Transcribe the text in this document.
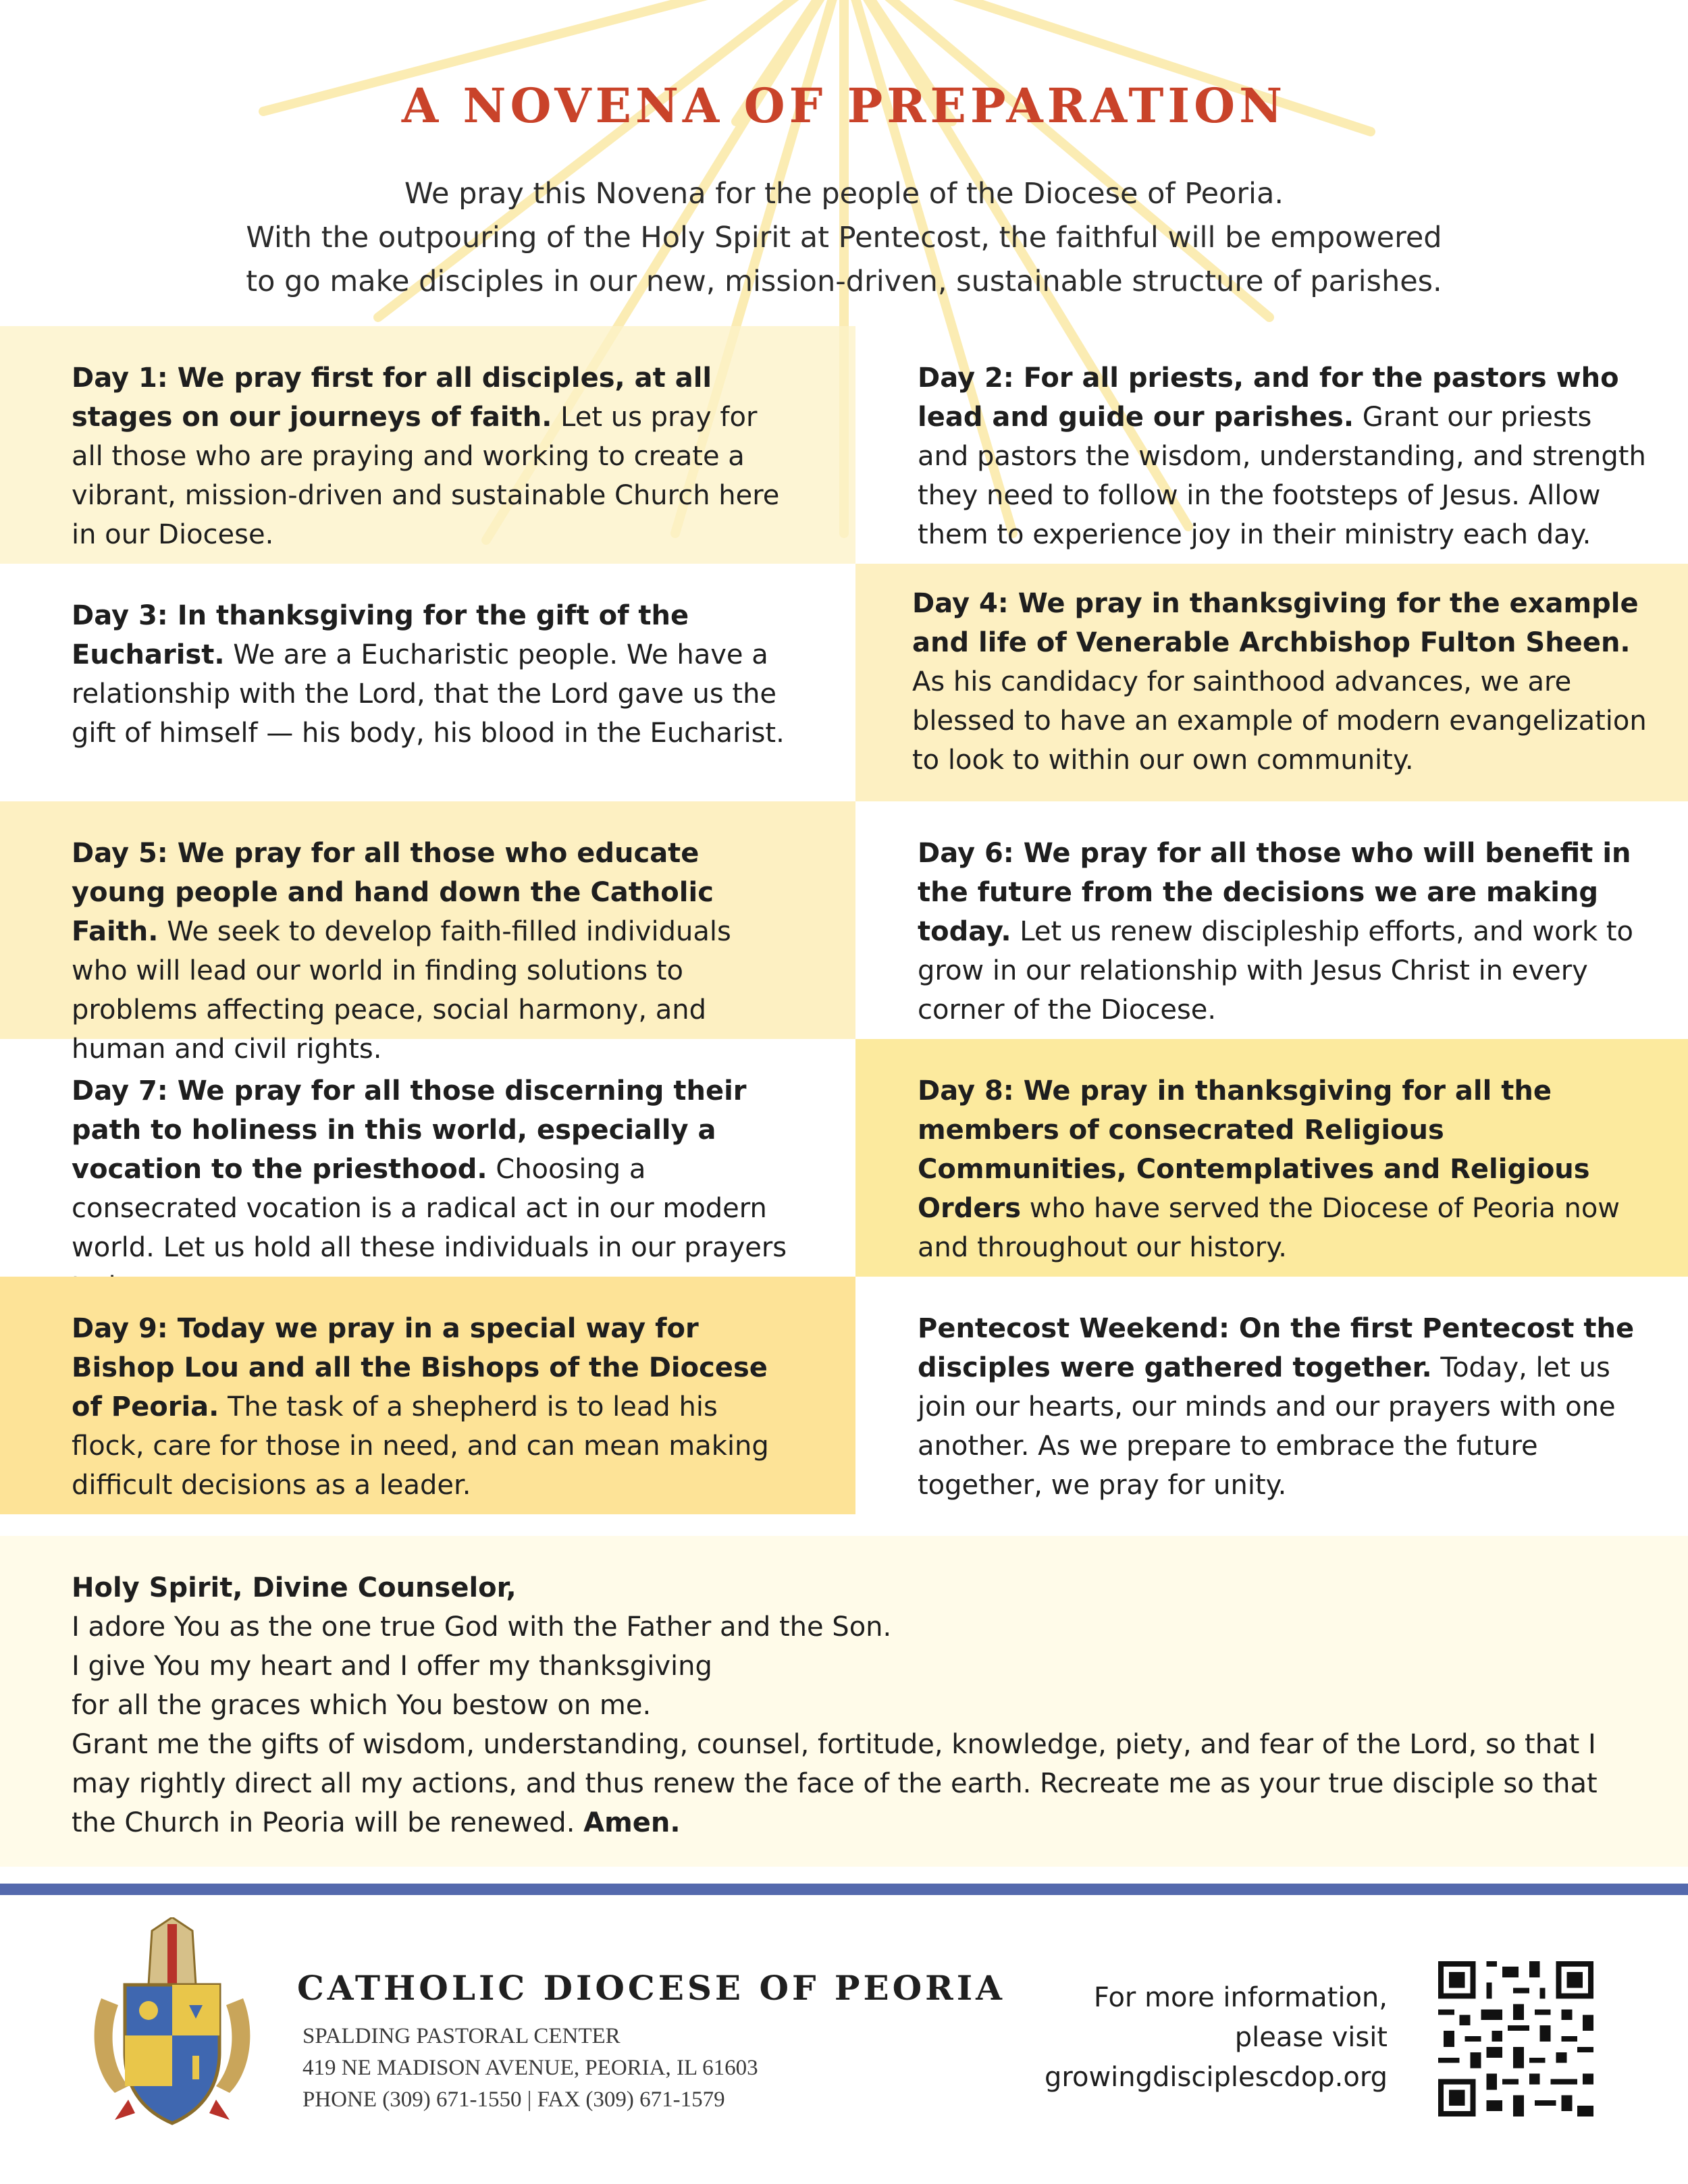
A NOVENA OF PREPARATION
We pray this Novena for the people of the Diocese of Peoria.
With the outpouring of the Holy Spirit at Pentecost, the faithful will be empowered
to go make disciples in our new, mission-driven, sustainable structure of parishes.
Day 1: We pray first for all disciples, at all stages on our journeys of faith. Let us pray for all those who are praying and working to create a vibrant, mission-driven and sustainable Church here in our Diocese.
Day 2: For all priests, and for the pastors who lead and guide our parishes. Grant our priests and pastors the wisdom, understanding, and strength they need to follow in the footsteps of Jesus. Allow them to experience joy in their ministry each day.
Day 3: In thanksgiving for the gift of the Eucharist. We are a Eucharistic people. We have a relationship with the Lord, that the Lord gave us the gift of himself — his body, his blood in the Eucharist.
Day 4: We pray in thanksgiving for the example and life of Venerable Archbishop Fulton Sheen. As his candidacy for sainthood advances, we are blessed to have an example of modern evangelization to look to within our own community.
Day 5: We pray for all those who educate young people and hand down the Catholic Faith. We seek to develop faith-filled individuals who will lead our world in finding solutions to problems affecting peace, social harmony, and human and civil rights.
Day 6: We pray for all those who will benefit in the future from the decisions we are making today. Let us renew discipleship efforts, and work to grow in our relationship with Jesus Christ in every corner of the Diocese.
Day 7: We pray for all those discerning their path to holiness in this world, especially a vocation to the priesthood. Choosing a consecrated vocation is a radical act in our modern world. Let us hold all these individuals in our prayers
Day 8: We pray in thanksgiving for all the members of consecrated Religious Communities, Contemplatives and Religious Orders who have served the Diocese of Peoria now and throughout our history.
Day 9: Today we pray in a special way for Bishop Lou and all the Bishops of the Diocese of Peoria. The task of a shepherd is to lead his flock, care for those in need, and can mean making difficult decisions as a leader.
Pentecost Weekend: On the first Pentecost the disciples were gathered together. Today, let us join our hearts, our minds and our prayers with one another. As we prepare to embrace the future together, we pray for unity.
Holy Spirit, Divine Counselor,
I adore You as the one true God with the Father and the Son.
I give You my heart and I offer my thanksgiving
for all the graces which You bestow on me.
Grant me the gifts of wisdom, understanding, counsel, fortitude, knowledge, piety, and fear of the Lord, so that I may rightly direct all my actions, and thus renew the face of the earth. Recreate me as your true disciple so that the Church in Peoria will be renewed. Amen.
CATHOLIC DIOCESE OF PEORIA
SPALDING PASTORAL CENTER
419 NE MADISON AVENUE, PEORIA, IL 61603
PHONE (309) 671-1550 | FAX (309) 671-1579
For more information,
please visit
growingdisciplescdop.org
